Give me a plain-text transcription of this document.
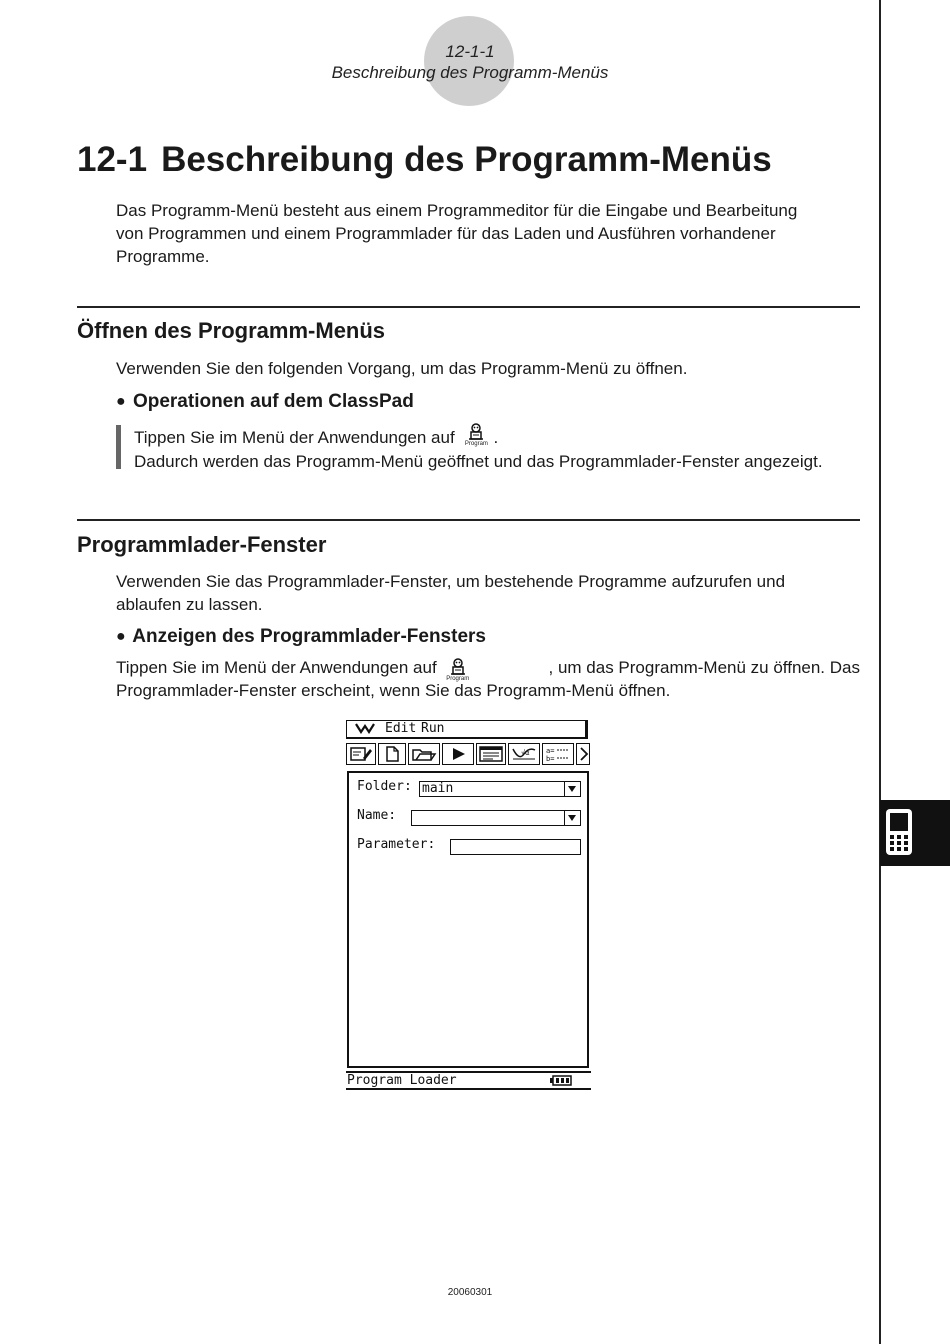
12-1-1
Beschreibung des Programm-Menüs
12-1 Beschreibung des Programm-Menüs
Das Programm-Menü besteht aus einem Programmeditor für die Eingabe und Bearbeitung
von Programmen und einem Programmlader für das Laden und Ausführen vorhandener
Programme.
Öffnen des Programm-Menüs
Verwenden Sie den folgenden Vorgang, um das Programm-Menü zu öffnen.
● Operationen auf dem ClassPad
Tippen Sie im Menü der Anwendungen auf	Program .
Dadurch werden das Programm-Menü geöffnet und das Programmlader-Fenster angezeigt.
Programmlader-Fenster
Verwenden Sie das Programmlader-Fenster, um bestehende Programme aufzurufen und
ablaufen zu lassen.
● Anzeigen des Programmlader-Fensters
Tippen Sie im Menü der Anwendungen auf
Program
, um das Programm-Menü zu öffnen. Das
Programmlader-Fenster erscheint, wenn Sie das Programm-Menü öffnen.
Edit Run
√α a=
b=
Folder: main
Name:
Parameter:
Program Loader
20060301
